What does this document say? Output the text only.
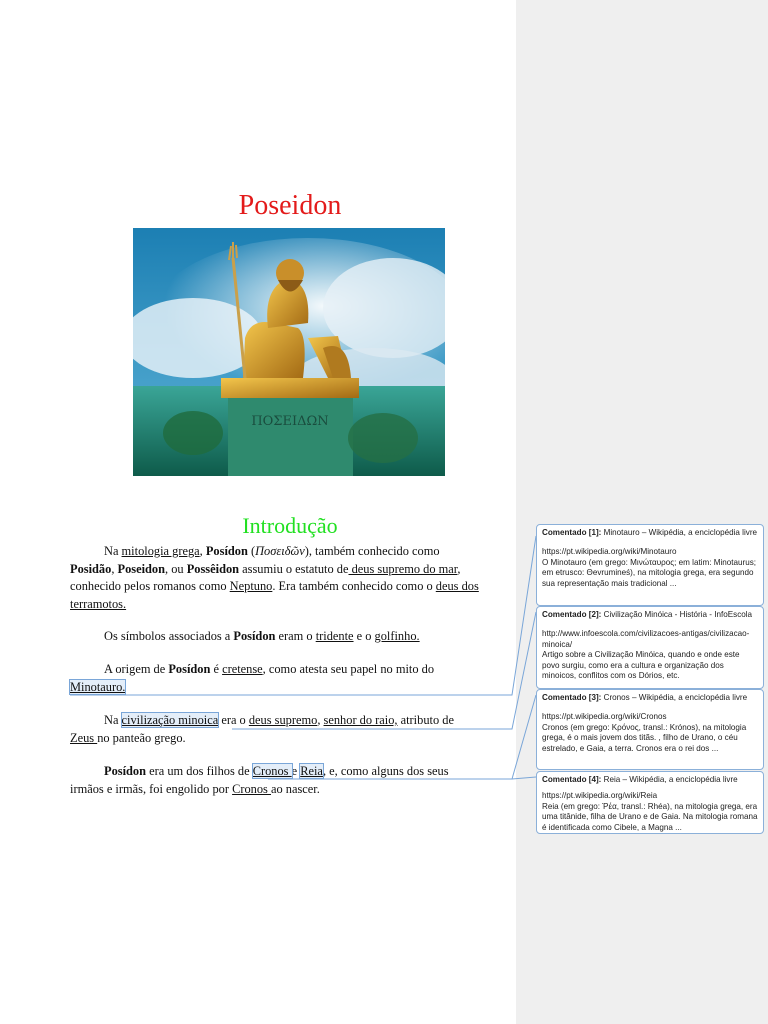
Poseidon
ΠΟΣΕΙΔΩΝ
Introdução
Na mitologia grega, Posídon (Ποσειδῶν), também conhecido como Posidão, Poseidon, ou Possêidon assumiu o estatuto de deus supremo do mar, conhecido pelos romanos como Neptuno. Era também conhecido como o deus dos terramotos.
Os símbolos associados a Posídon eram o tridente e o golfinho.
A origem de Posídon é cretense, como atesta seu papel no mito do Minotauro.
Na civilização minoica era o deus supremo, senhor do raio, atributo de Zeus no panteão grego.
Posídon era um dos filhos de Cronos e Reia, e, como alguns dos seus irmãos e irmãs, foi engolido por Cronos ao nascer.
Comentado [1]: Minotauro – Wikipédia, a enciclopédia livre
https://pt.wikipedia.org/wiki/Minotauro
O Minotauro (em grego: Μινώταυρος; em latim: Minotaurus; em etrusco: Θevrumineś), na mitologia grega, era segundo sua representação mais tradicional ...
Comentado [2]: Civilização Minóica - História - InfoEscola
http://www.infoescola.com/civilizacoes-antigas/civilizacao-minoica/
Artigo sobre a Civilização Minóica, quando e onde este povo surgiu, como era a cultura e organização dos minoicos, conflitos com os Dórios, etc.
Comentado [3]: Cronos – Wikipédia, a enciclopédia livre
https://pt.wikipedia.org/wiki/Cronos
Cronos (em grego: Κρόνος, transl.: Krónos), na mitologia grega, é o mais jovem dos titãs. , filho de Urano, o céu estrelado, e Gaia, a terra. Cronos era o rei dos ...
Comentado [4]: Reia – Wikipédia, a enciclopédia livre
https://pt.wikipedia.org/wiki/Reia
Reia (em grego: Ῥέα, transl.: Rhéa), na mitologia grega, era uma titânide, filha de Urano e de Gaia. Na mitologia romana é identificada como Cibele, a Magna ...
